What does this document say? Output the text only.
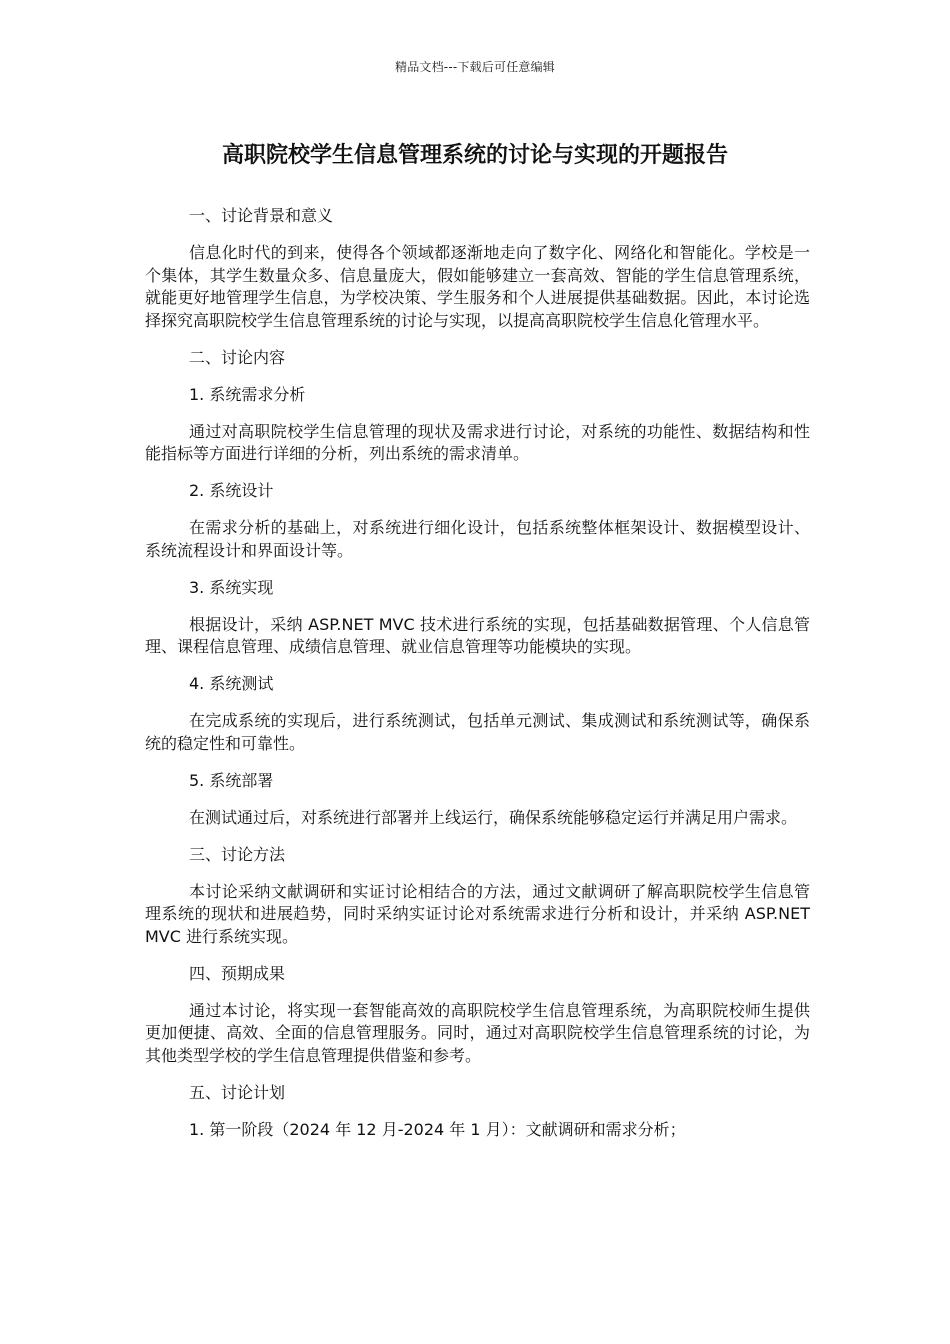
精品文档---下载后可任意编辑
高职院校学生信息管理系统的讨论与实现的开题报告

一、讨论背景和意义

信息化时代的到来，使得各个领域都逐渐地走向了数字化、网络化和智能化。学校是一个集体，其学生数量众多、信息量庞大，假如能够建立一套高效、智能的学生信息管理系统，就能更好地管理学生信息，为学校决策、学生服务和个人进展提供基础数据。因此，本讨论选择探究高职院校学生信息管理系统的讨论与实现，以提高高职院校学生信息化管理水平。

二、讨论内容

1. 系统需求分析

通过对高职院校学生信息管理的现状及需求进行讨论，对系统的功能性、数据结构和性能指标等方面进行详细的分析，列出系统的需求清单。

2. 系统设计

在需求分析的基础上，对系统进行细化设计，包括系统整体框架设计、数据模型设计、系统流程设计和界面设计等。

3. 系统实现

根据设计，采纳 ASP.NET MVC 技术进行系统的实现，包括基础数据管理、个人信息管理、课程信息管理、成绩信息管理、就业信息管理等功能模块的实现。

4. 系统测试

在完成系统的实现后，进行系统测试，包括单元测试、集成测试和系统测试等，确保系统的稳定性和可靠性。

5. 系统部署

在测试通过后，对系统进行部署并上线运行，确保系统能够稳定运行并满足用户需求。

三、讨论方法

本讨论采纳文献调研和实证讨论相结合的方法，通过文献调研了解高职院校学生信息管理系统的现状和进展趋势，同时采纳实证讨论对系统需求进行分析和设计，并采纳 ASP.NET MVC 进行系统实现。

四、预期成果

通过本讨论，将实现一套智能高效的高职院校学生信息管理系统，为高职院校师生提供更加便捷、高效、全面的信息管理服务。同时，通过对高职院校学生信息管理系统的讨论，为其他类型学校的学生信息管理提供借鉴和参考。

五、讨论计划

1. 第一阶段（2024 年 12 月-2024 年 1 月）：文献调研和需求分析；
